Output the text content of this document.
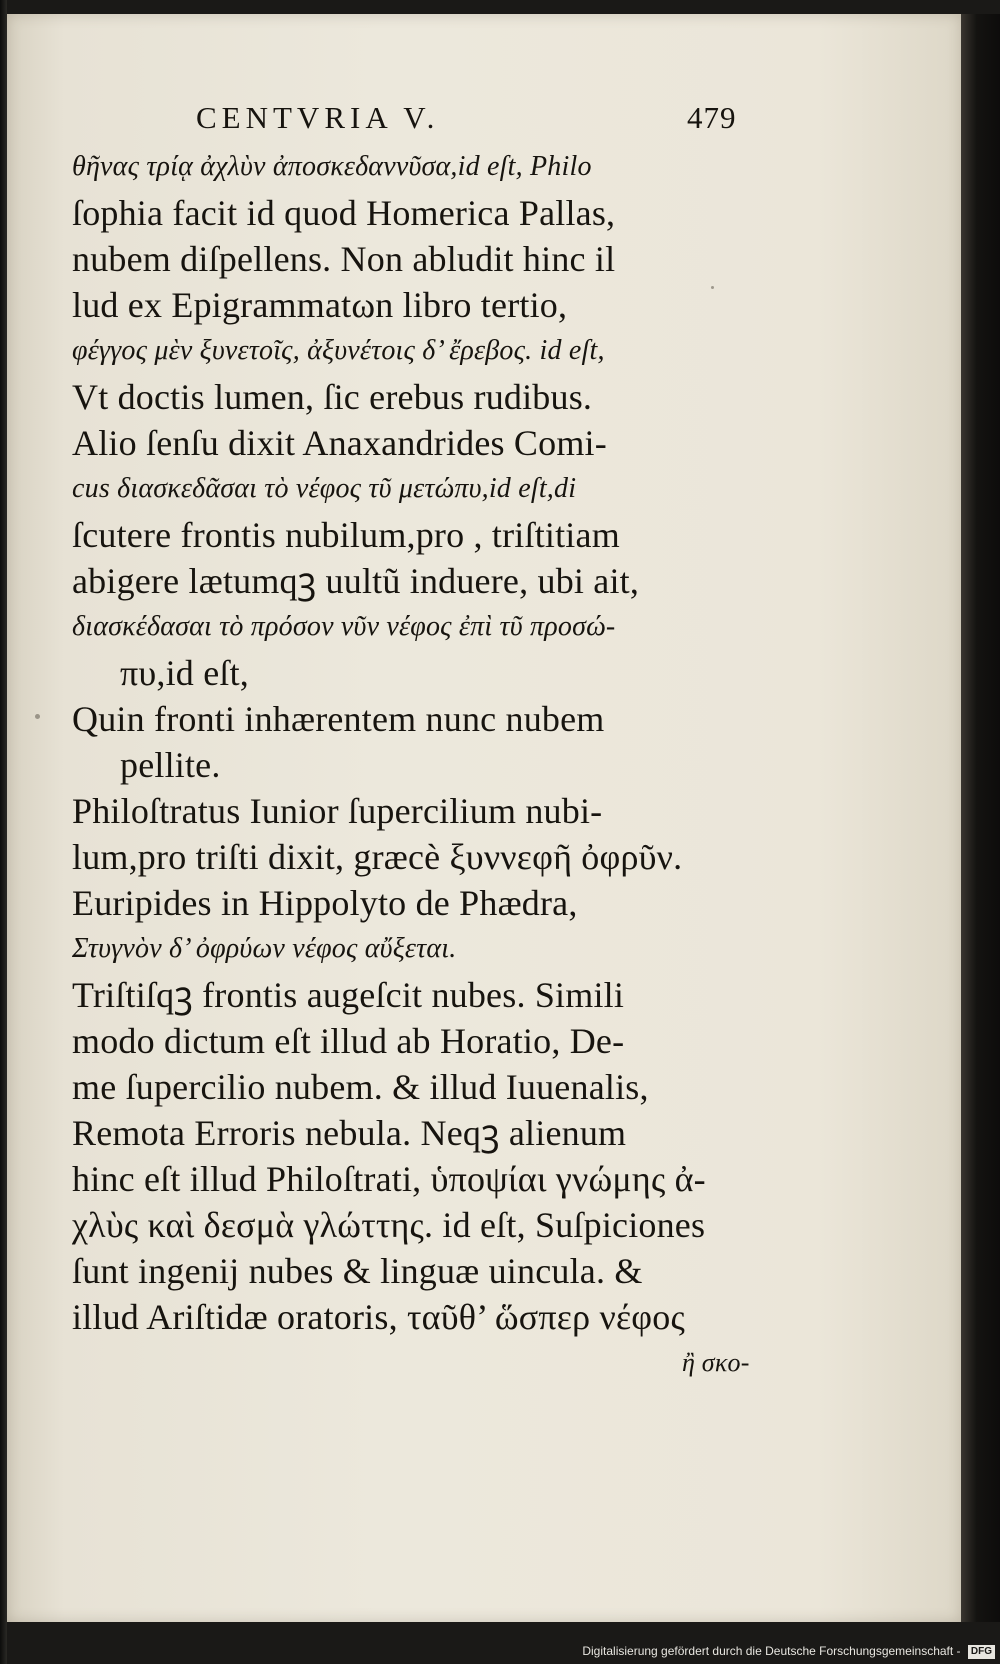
CENTVRIA V.	479
θῆνας τρίᾳ ἀχλὺν ἀποσκεδαννῦσα,id eſt, Philo
ſophia facit id quod Homerica Pallas,
nubem diſpellens. Non abludit hinc il
lud ex Epigrammatωn libro tertio,
φέγγος μὲν ξυνετοῖς, ἀξυνέτοις δ’ ἔρεβος. id eſt,
Vt doctis lumen, ſic erebus rudibus.
Alio ſenſu dixit Anaxandrides Comi-
cus διασκεδᾶσαι τὸ νέφος τῦ μετώπυ,id eſt,di
ſcutere frontis nubilum,pro , triſtitiam
abigere lætumqꝫ uultũ induere, ubi ait,
διασκέδασαι τὸ πρόσον νῦν νέφος ἐπὶ τῦ προσώ-
πυ,id eſt,
Quin fronti inhærentem nunc nubem
pellite.
Philoſtratus Iunior ſupercilium nubi-
lum,pro triſti dixit, græcè ξυννεφῆ ὀφρῦν.
Euripides in Hippolyto de Phædra,
Στυγνὸν δ’ ὀφρύων νέφος αὔξεται.
Triſtiſqꝫ frontis augeſcit nubes. Simili
modo dictum eſt illud ab Horatio, De-
me ſupercilio nubem. & illud Iuuenalis,
Remota Erroris nebula. Neqꝫ alienum
hinc eſt illud Philoſtrati, ὑποψίαι γνώμης ἀ-
χλὺς καὶ δεσμὰ γλώττης. id eſt, Suſpiciones
ſunt ingenij nubes & linguæ uincula. &
illud Ariſtidæ oratoris, ταῦθ’ ὥσπερ νέφος
ἢ σκο-
Digitalisierung gefördert durch die Deutsche Forschungsgemeinschaft - DFG
